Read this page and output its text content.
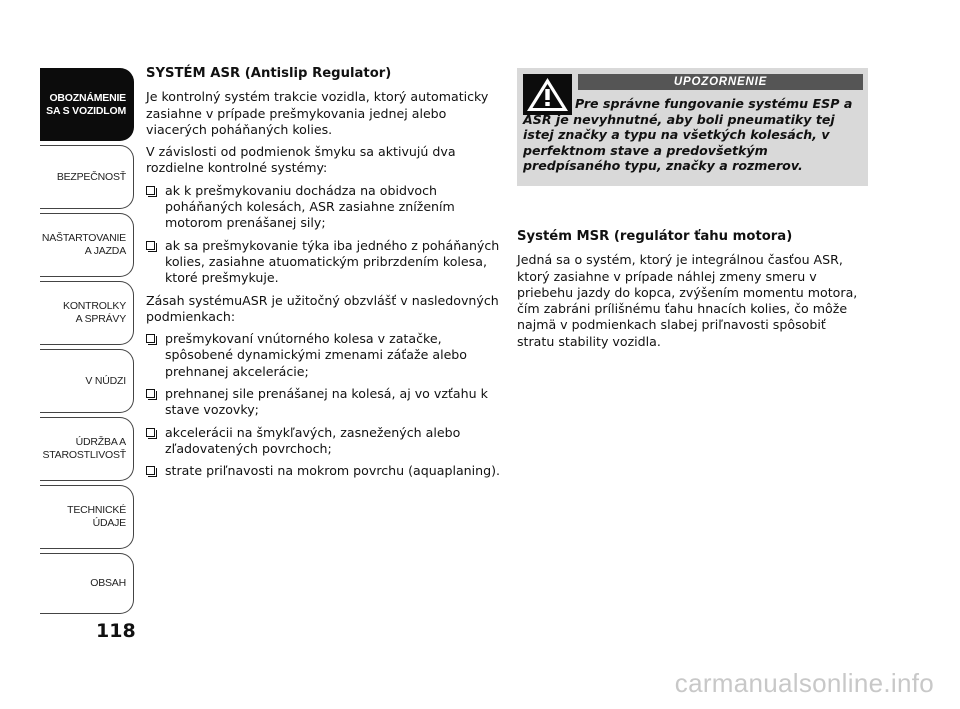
OBOZNÁMENIE
SA S VOZIDLOM
BEZPEČNOSŤ
NAŠTARTOVANIE
A JAZDA
KONTROLKY
A SPRÁVY
V NÚDZI
ÚDRŽBA A
STAROSTLIVOSŤ
TECHNICKÉ
ÚDAJE
OBSAH
118
SYSTÉM ASR (Antislip Regulator)

Je kontrolný systém trakcie vozidla, ktorý automaticky zasiahne v prípade prešmykovania jednej alebo viacerých poháňaných kolies.

V závislosti od podmienok šmyku sa aktivujú dva rozdielne kontrolné systémy:

ak k prešmykovaniu dochádza na obidvoch poháňaných kolesách, ASR zasiahne znížením motorom prenášanej sily;
ak sa prešmykovanie týka iba jedného z poháňaných kolies, zasiahne atuomatickým pribrzdením kolesa, ktoré prešmykuje.

Zásah systémuASR je užitočný obzvlášť v nasledovných podmienkach:

prešmykovaní vnútorného kolesa v zatačke, spôsobené dynamickými zmenami záťaže alebo prehnanej akcelerácie;
prehnanej sile prenášanej na kolesá, aj vo vzťahu k stave vozovky;
akcelerácii na šmykľavých, zasnežených alebo zľadovatených povrchoch;
strate priľnavosti na mokrom povrchu (aquaplaning).
UPOZORNENIE
Pre správne fungovanie systému ESP a ASR je nevyhnutné, aby boli pneumatiky tej istej značky a typu na všetkých kolesách, v perfektnom stave a predovšetkým predpísaného typu, značky a rozmerov.
Systém MSR (regulátor ťahu motora)

Jedná sa o systém, ktorý je integrálnou časťou ASR, ktorý zasiahne v prípade náhlej zmeny smeru v priebehu jazdy do kopca, zvýšením momentu motora, čím zabráni prílišnému ťahu hnacích kolies, čo môže najmä v podmienkach slabej priľnavosti spôsobiť stratu stability vozidla.

carmanualsonline.info
